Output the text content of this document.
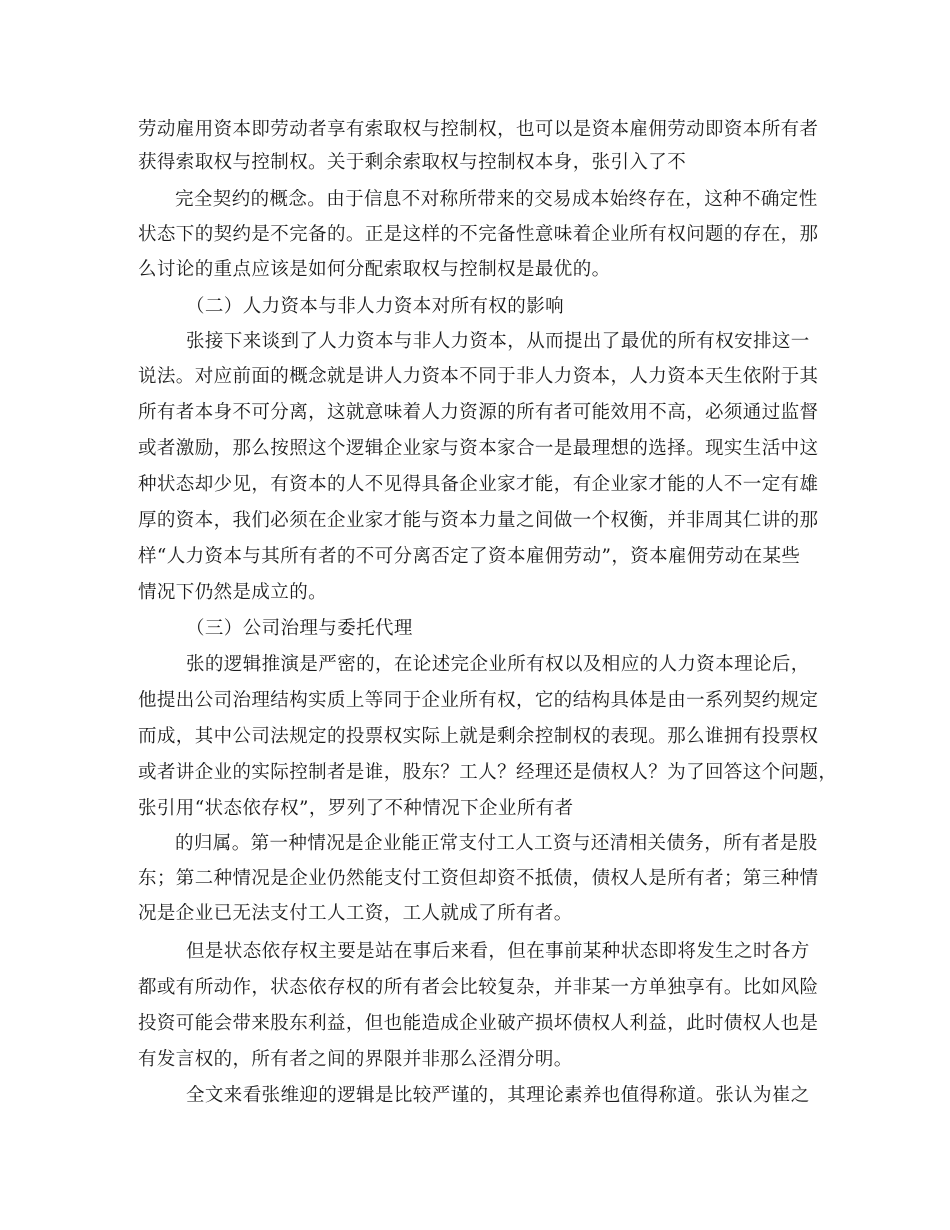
劳动雇用资本即劳动者享有索取权与控制权，也可以是资本雇佣劳动即资本所有者
获得索取权与控制权。关于剩余索取权与控制权本身，张引入了不
完全契约的概念。由于信息不对称所带来的交易成本始终存在，这种不确定性
状态下的契约是不完备的。正是这样的不完备性意味着企业所有权问题的存在，那
么讨论的重点应该是如何分配索取权与控制权是最优的。
（二）人力资本与非人力资本对所有权的影响
张接下来谈到了人力资本与非人力资本，从而提出了最优的所有权安排这一
说法。对应前面的概念就是讲人力资本不同于非人力资本，人力资本天生依附于其
所有者本身不可分离，这就意味着人力资源的所有者可能效用不高，必须通过监督
或者激励，那么按照这个逻辑企业家与资本家合一是最理想的选择。现实生活中这
种状态却少见，有资本的人不见得具备企业家才能，有企业家才能的人不一定有雄
厚的资本，我们必须在企业家才能与资本力量之间做一个权衡，并非周其仁讲的那
样“人力资本与其所有者的不可分离否定了资本雇佣劳动”，资本雇佣劳动在某些
情况下仍然是成立的。
（三）公司治理与委托代理
张的逻辑推演是严密的，在论述完企业所有权以及相应的人力资本理论后，
他提出公司治理结构实质上等同于企业所有权，它的结构具体是由一系列契约规定
而成，其中公司法规定的投票权实际上就是剩余控制权的表现。那么谁拥有投票权
或者讲企业的实际控制者是谁，股东？工人？经理还是债权人？为了回答这个问题，
张引用“状态依存权”，罗列了不种情况下企业所有者
的归属。第一种情况是企业能正常支付工人工资与还清相关债务，所有者是股
东；第二种情况是企业仍然能支付工资但却资不抵债，债权人是所有者；第三种情
况是企业已无法支付工人工资，工人就成了所有者。
但是状态依存权主要是站在事后来看，但在事前某种状态即将发生之时各方
都或有所动作，状态依存权的所有者会比较复杂，并非某一方单独享有。比如风险
投资可能会带来股东利益，但也能造成企业破产损坏债权人利益，此时债权人也是
有发言权的，所有者之间的界限并非那么泾渭分明。
全文来看张维迎的逻辑是比较严谨的，其理论素养也值得称道。张认为崔之
